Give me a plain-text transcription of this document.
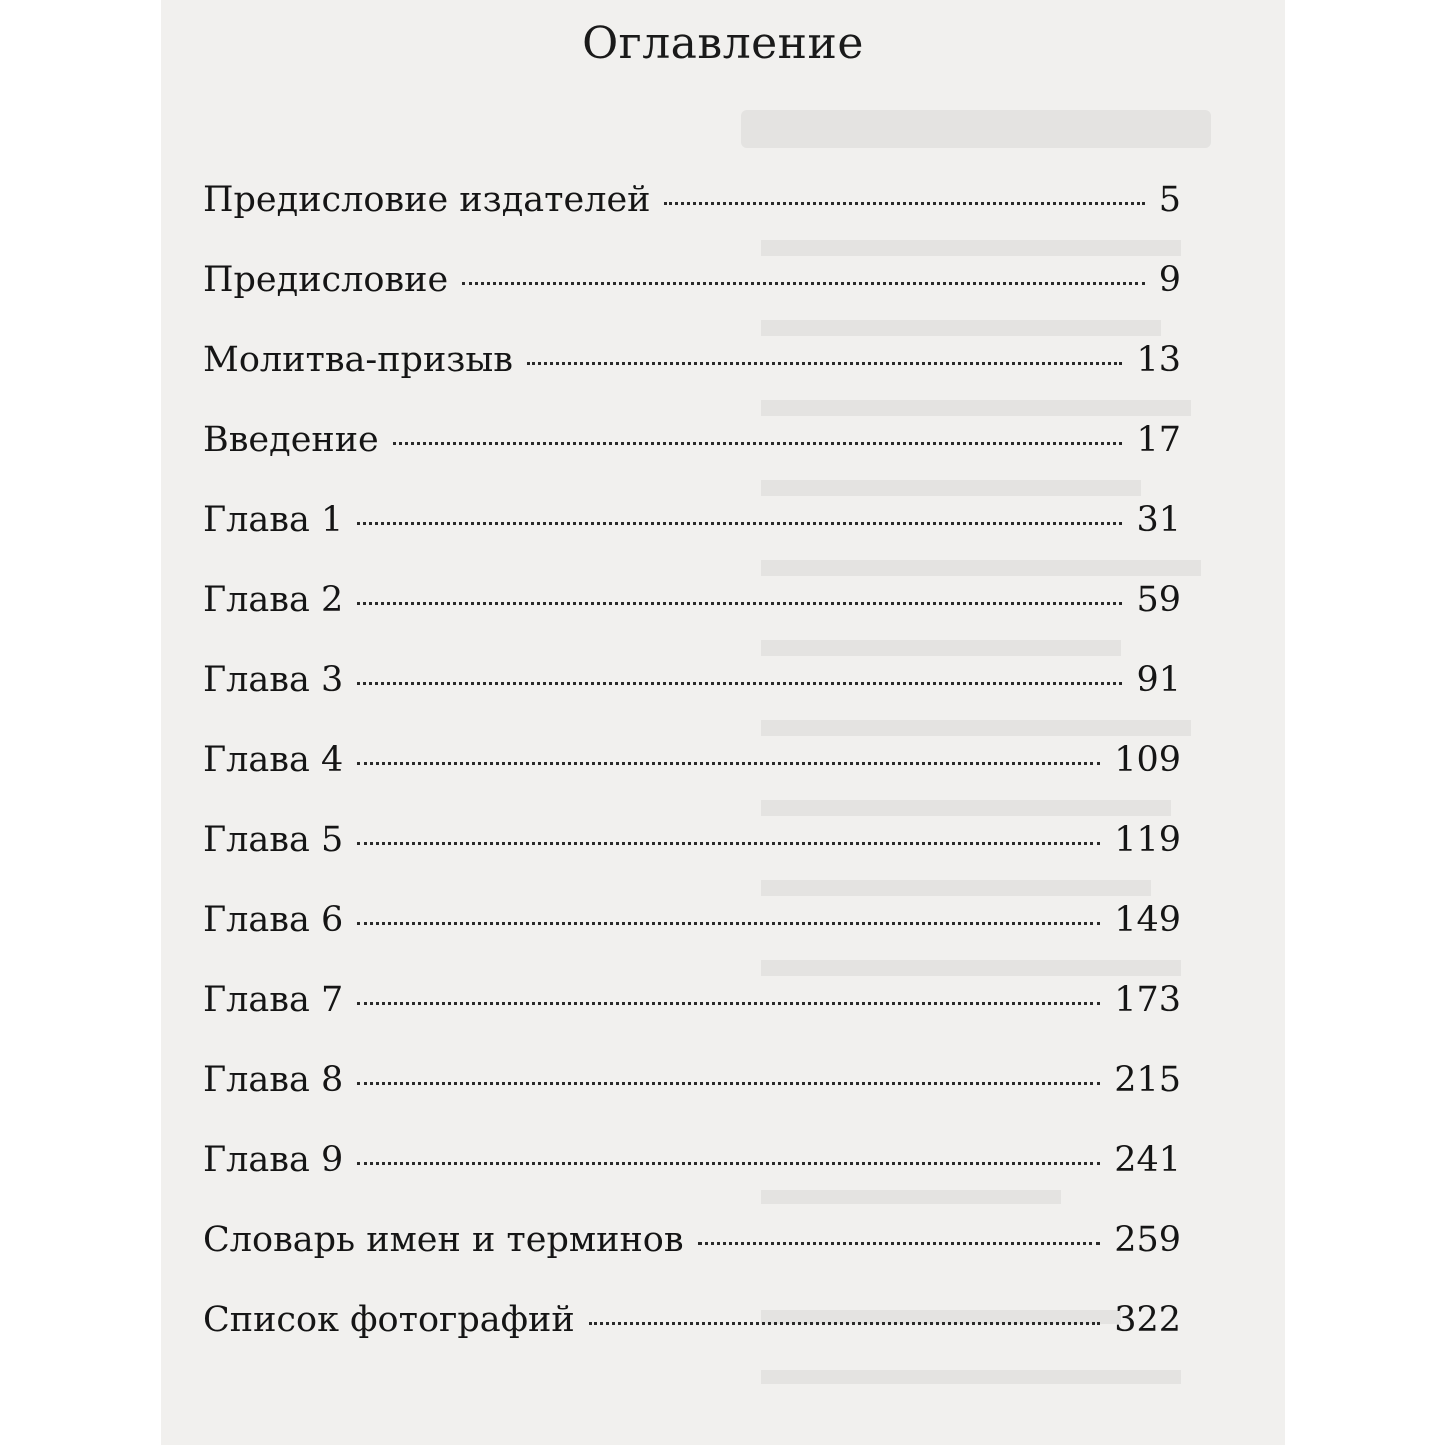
Оглавление
Предисловие издателей	5
Предисловие	9
Молитва-призыв	13
Введение	17
Глава 1	31
Глава 2	59
Глава 3	91
Глава 4	109
Глава 5	119
Глава 6	149
Глава 7	173
Глава 8	215
Глава 9	241
Словарь имен и терминов	259
Список фотографий	322
